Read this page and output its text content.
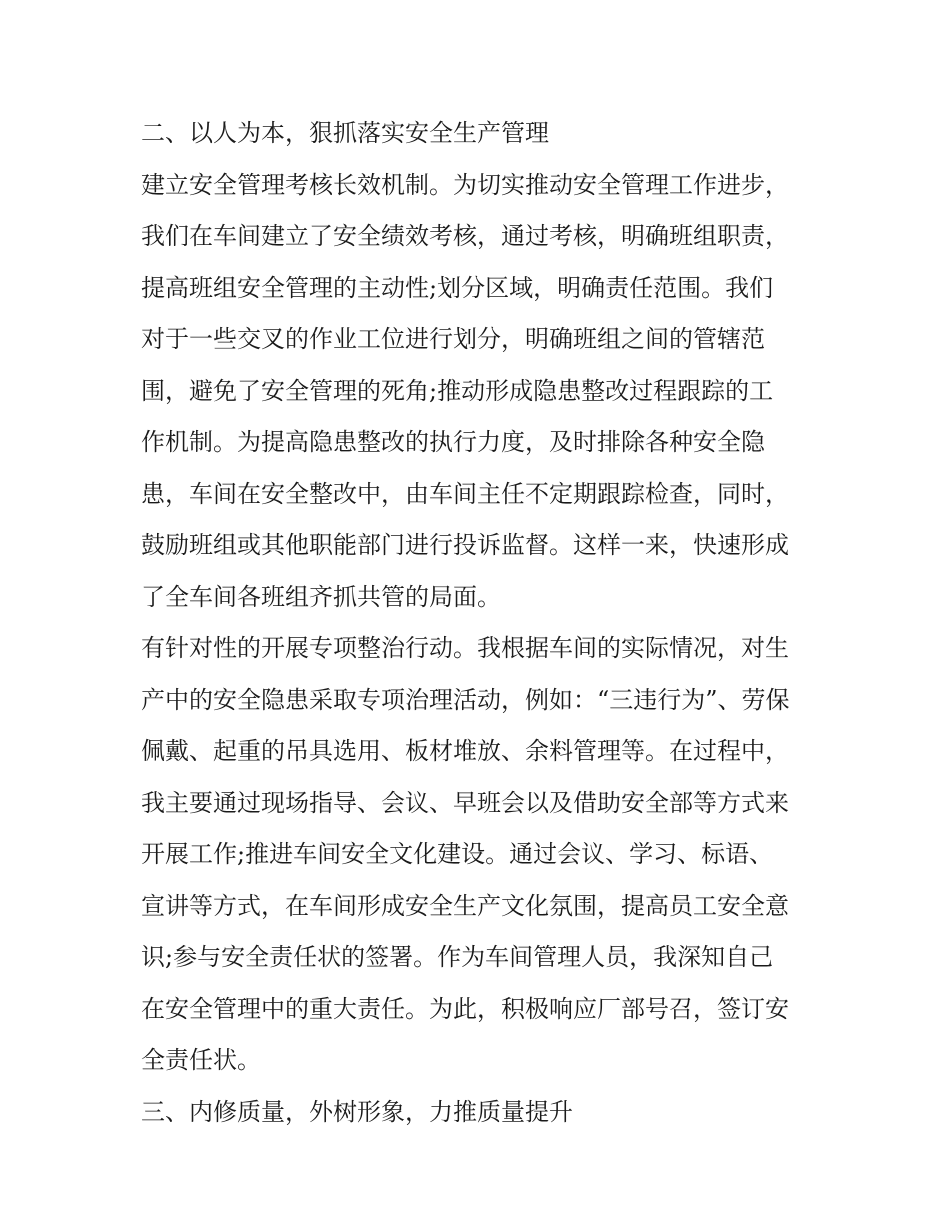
二、以人为本，狠抓落实安全生产管理
建立安全管理考核长效机制。为切实推动安全管理工作进步，
我们在车间建立了安全绩效考核，通过考核，明确班组职责，
提高班组安全管理的主动性;划分区域，明确责任范围。我们
对于一些交叉的作业工位进行划分，明确班组之间的管辖范
围，避免了安全管理的死角;推动形成隐患整改过程跟踪的工
作机制。为提高隐患整改的执行力度，及时排除各种安全隐
患，车间在安全整改中，由车间主任不定期跟踪检查，同时，
鼓励班组或其他职能部门进行投诉监督。这样一来，快速形成
了全车间各班组齐抓共管的局面。
有针对性的开展专项整治行动。我根据车间的实际情况，对生
产中的安全隐患采取专项治理活动，例如：“三违行为”、劳保
佩戴、起重的吊具选用、板材堆放、余料管理等。在过程中，
我主要通过现场指导、会议、早班会以及借助安全部等方式来
开展工作;推进车间安全文化建设。通过会议、学习、标语、
宣讲等方式，在车间形成安全生产文化氛围，提高员工安全意
识;参与安全责任状的签署。作为车间管理人员，我深知自己
在安全管理中的重大责任。为此，积极响应厂部号召，签订安
全责任状。
三、内修质量，外树形象，力推质量提升
